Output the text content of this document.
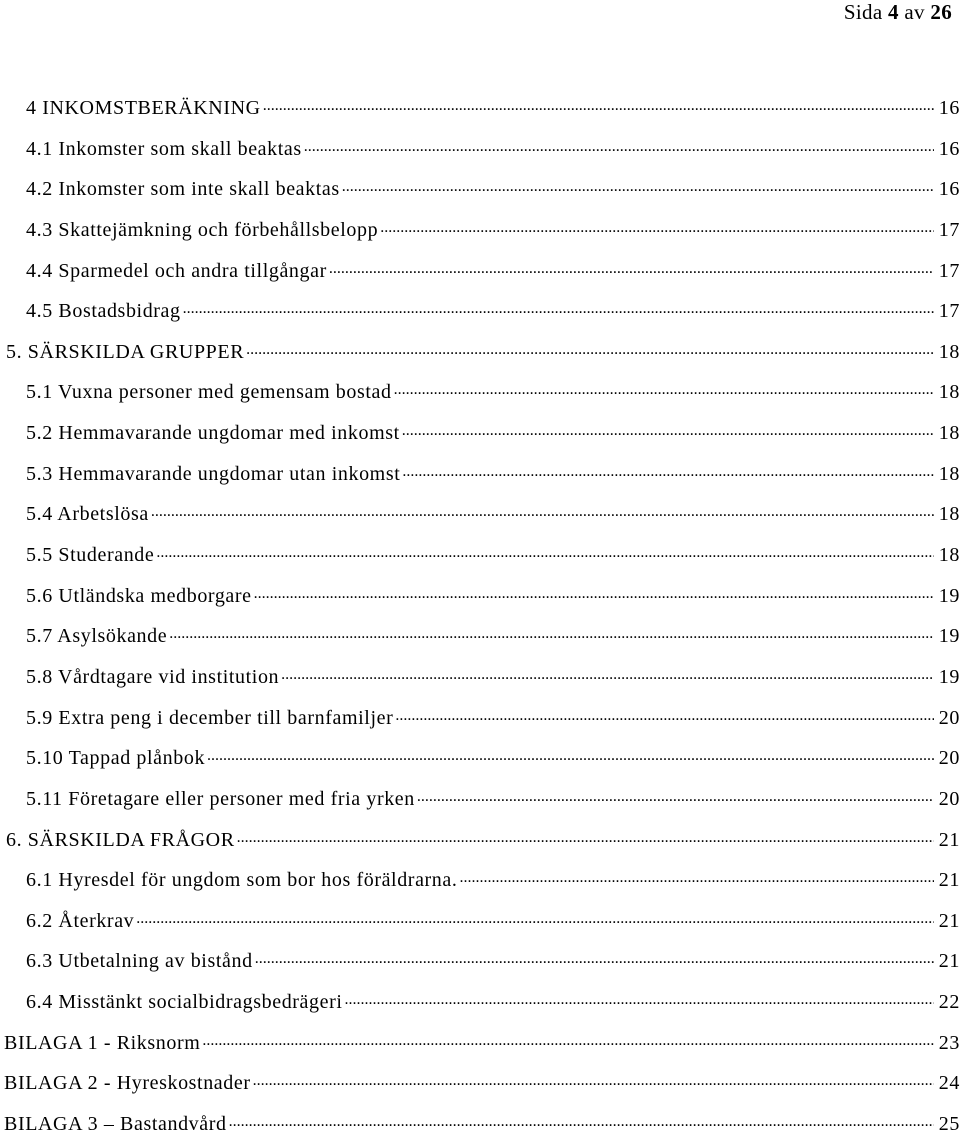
Sida 4 av 26
4 INKOMSTBERÄKNING .....	16
4.1 Inkomster som skall beaktas .....	16
4.2 Inkomster som inte skall beaktas .....	16
4.3 Skattejämkning och förbehållsbelopp .....	17
4.4 Sparmedel och andra tillgångar .....	17
4.5 Bostadsbidrag .....	17
5. SÄRSKILDA GRUPPER .....	18
5.1 Vuxna personer med gemensam bostad .....	18
5.2 Hemmavarande ungdomar med inkomst .....	18
5.3 Hemmavarande ungdomar utan inkomst .....	18
5.4 Arbetslösa .....	18
5.5 Studerande .....	18
5.6 Utländska medborgare .....	19
5.7 Asylsökande .....	19
5.8 Vårdtagare vid institution .....	19
5.9 Extra peng i december till barnfamiljer .....	20
5.10 Tappad plånbok .....	20
5.11 Företagare eller personer med fria yrken .....	20
6. SÄRSKILDA FRÅGOR .....	21
6.1 Hyresdel för ungdom som bor hos föräldrarna. .....	21
6.2 Återkrav .....	21
6.3 Utbetalning av bistånd .....	21
6.4 Misstänkt socialbidragsbedrägeri .....	22
BILAGA 1 - Riksnorm .....	23
BILAGA 2 - Hyreskostnader .....	24
BILAGA 3 – Bastandvård .....	25
